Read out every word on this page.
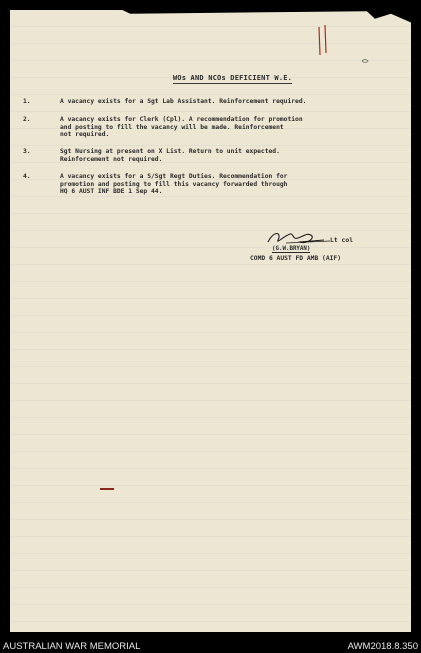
WOs AND NCOs DEFICIENT W.E.
1.	A vacancy exists for a Sgt Lab Assistant. Reinforcement required.
2.	A vacancy exists for Clerk (Cpl). A recommendation for promotion
and posting to fill the vacancy will be made. Reinforcement
not required.
3.	Sgt Nursing at present on X List. Return to unit expected.
Reinforcement not required.
4.	A vacancy exists for a S/Sgt Regt Duties. Recommendation for
promotion and posting to fill this vacancy forwarded through
HQ 6 AUST INF BDE 1 Sep 44.
Lt col
(G.W.BRYAN)
COMD 6 AUST FD AMB (AIF)
AUSTRALIAN WAR MEMORIAL	AWM2018.8.350
